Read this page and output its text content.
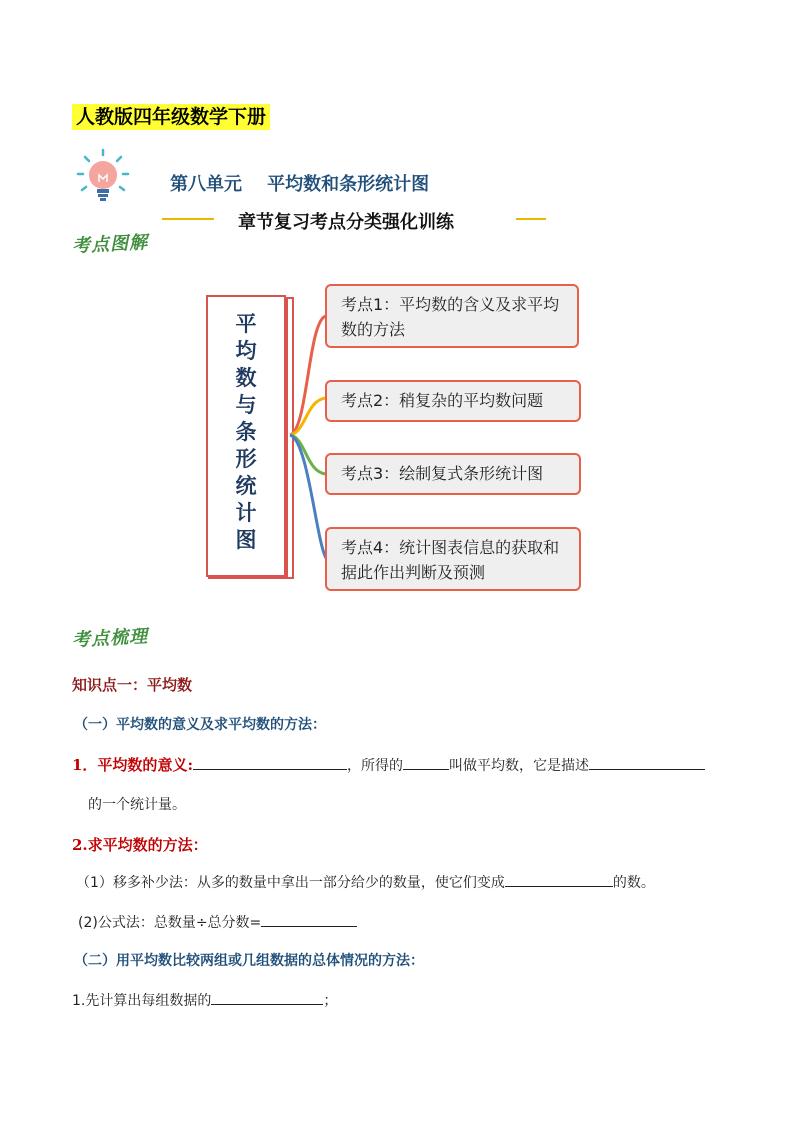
人教版四年级数学下册
第八单元    平均数和条形统计图
章节复习考点分类强化训练
考点图解
平
均
数
与
条
形
统
计
图
考点1：平均数的含义及求平均数的方法
考点2：稍复杂的平均数问题
考点3：绘制复式条形统计图
考点4：统计图表信息的获取和据此作出判断及预测
考点梳理
知识点一：平均数
（一）平均数的意义及求平均数的方法：
1．平均数的意义:	，所得的	叫做平均数，它是描述
的一个统计量。
2.求平均数的方法：
（1）移多补少法：从多的数量中拿出一部分给少的数量，使它们变成	的数。
(2)公式法：总数量÷总分数=
（二）用平均数比较两组或几组数据的总体情况的方法：
1.先计算出每组数据的	；
